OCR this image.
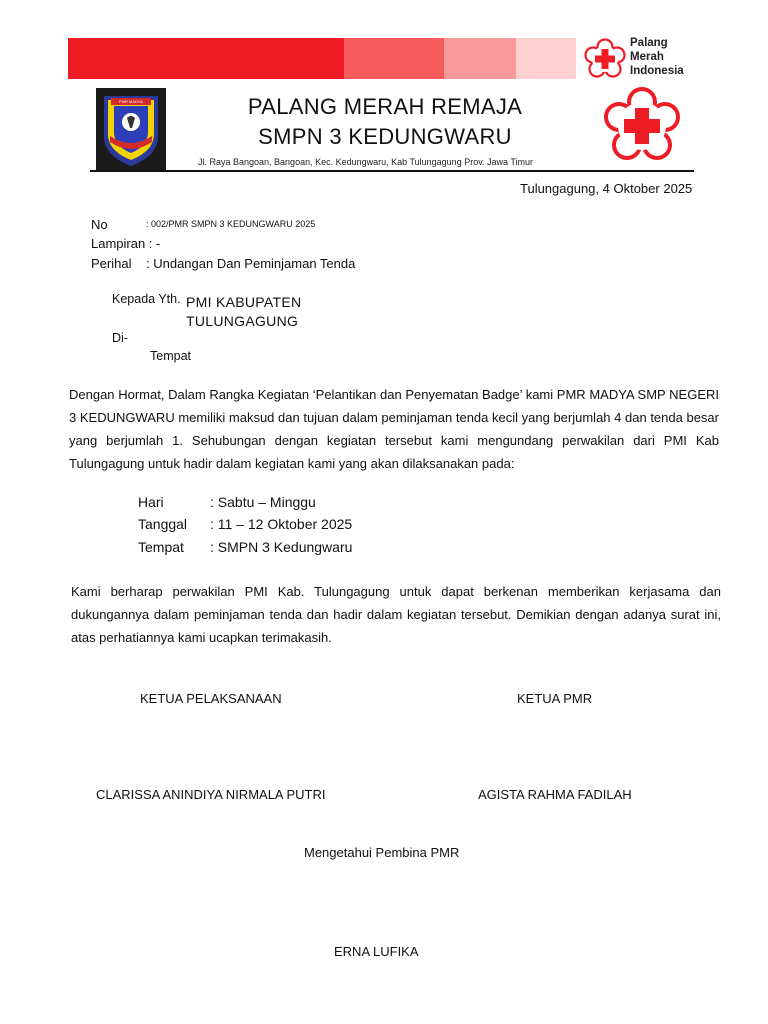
Palang
Merah
Indonesia
PMR MADYA	PALANG MERAH REMAJA
SMPN 3 KEDUNGWARU
Jl. Raya Bangoan, Bangoan, Kec. Kedungwaru, Kab Tulungagung Prov. Jawa Timur
Tulungagung, 4 Oktober 2025
No	: 002/PMR SMPN 3 KEDUNGWARU 2025
Lampiran : -
Perihal : Undangan Dan Peminjaman Tenda
Kepada Yth. PMI KABUPATEN
TULUNGAGUNG
Di-
Tempat
Dengan Hormat, Dalam Rangka Kegiatan ‘Pelantikan dan Penyematan Badge’ kami PMR MADYA SMP NEGERI 3 KEDUNGWARU memiliki maksud dan tujuan dalam peminjaman tenda kecil yang berjumlah 4 dan tenda besar yang berjumlah 1. Sehubungan dengan kegiatan tersebut kami mengundang perwakilan dari PMI Kab Tulungagung untuk hadir dalam kegiatan kami yang akan dilaksanakan pada:
Hari	: Sabtu – Minggu
Tanggal : 11 – 12 Oktober 2025
Tempat : SMPN 3 Kedungwaru
Kami berharap perwakilan PMI Kab. Tulungagung untuk dapat berkenan memberikan kerjasama dan dukungannya dalam peminjaman tenda dan hadir dalam kegiatan tersebut. Demikian dengan adanya surat ini, atas perhatiannya kami ucapkan terimakasih.
KETUA PELAKSANAAN	KETUA PMR
CLARISSA ANINDIYA NIRMALA PUTRI	AGISTA RAHMA FADILAH
Mengetahui Pembina PMR
ERNA LUFIKA
